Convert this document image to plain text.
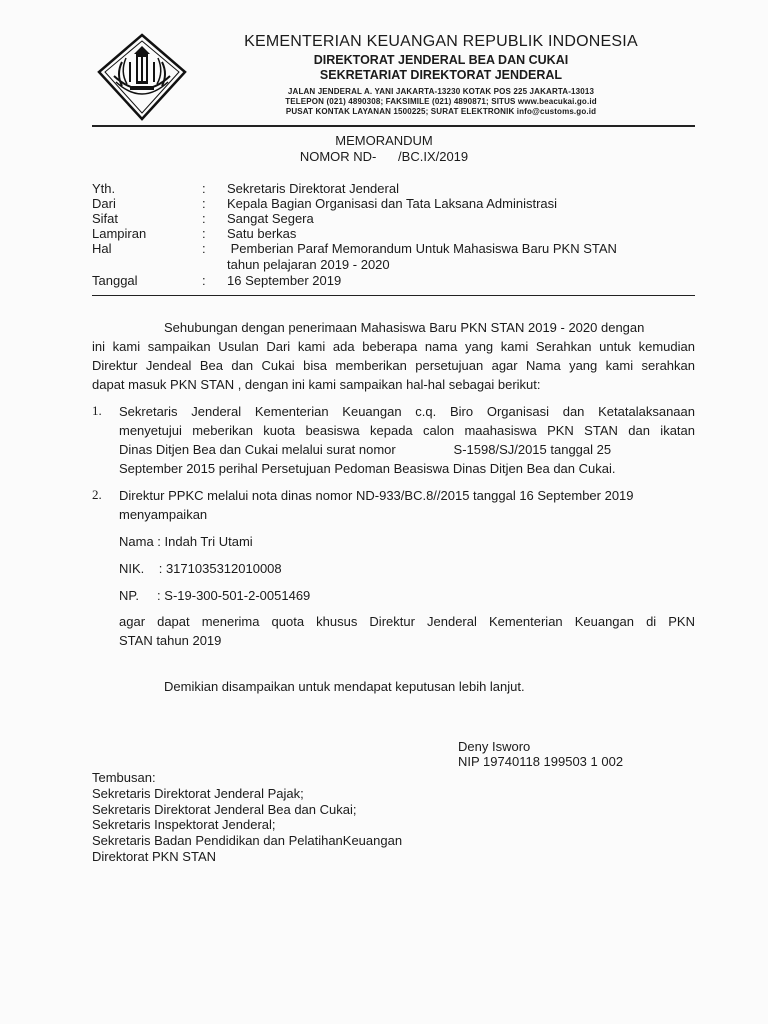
KEMENTERIAN KEUANGAN REPUBLIK INDONESIA
DIREKTORAT JENDERAL BEA DAN CUKAI
SEKRETARIAT DIREKTORAT JENDERAL
JALAN JENDERAL A. YANI JAKARTA-13230 KOTAK POS 225 JAKARTA-13013
TELEPON (021) 4890308; FAKSIMILE (021) 4890871; SITUS www.beacukai.go.id
PUSAT KONTAK LAYANAN 1500225; SURAT ELEKTRONIK info@customs.go.id
MEMORANDUM
NOMOR ND-      /BC.IX/2019
Yth.	: Sekretaris Direktorat Jenderal
Dari	: Kepala Bagian Organisasi dan Tata Laksana Administrasi
Sifat	: Sangat Segera
Lampiran	: Satu berkas
Hal	: Pemberian Paraf Memorandum Untuk Mahasiswa Baru PKN STAN
tahun pelajaran 2019 - 2020
Tanggal	: 16 September 2019
Sehubungan dengan penerimaan Mahasiswa Baru PKN STAN 2019 - 2020 dengan
ini kami sampaikan Usulan Dari kami ada beberapa nama yang kami Serahkan untuk kemudian
Direktur Jendeal Bea dan Cukai bisa memberikan persetujuan agar Nama yang kami serahkan
dapat masuk PKN STAN , dengan ini kami sampaikan hal-hal sebagai berikut:
1. Sekretaris Jenderal Kementerian Keuangan c.q. Biro Organisasi dan Ketatalaksanaan
menyetujui meberikan kuota beasiswa kepada calon maahasiswa PKN STAN dan ikatan
Dinas Ditjen Bea dan Cukai melalui surat nomor                S-1598/SJ/2015 tanggal 25
September 2015 perihal Persetujuan Pedoman Beasiswa Dinas Ditjen Bea dan Cukai.
2. Direktur PPKC melalui nota dinas nomor ND-933/BC.8//2015 tanggal 16 September 2019
menyampaikan
Nama : Indah Tri Utami
NIK.    : 3171035312010008
NP.     : S-19-300-501-2-0051469
agar dapat menerima quota khusus Direktur Jenderal Kementerian Keuangan di PKN
STAN tahun 2019
Demikian disampaikan untuk mendapat keputusan lebih lanjut.
Deny Isworo
NIP 19740118 199503 1 002
Tembusan:
Sekretaris Direktorat Jenderal Pajak;
Sekretaris Direktorat Jenderal Bea dan Cukai;
Sekretaris Inspektorat Jenderal;
Sekretaris Badan Pendidikan dan PelatihanKeuangan
Direktorat PKN STAN
